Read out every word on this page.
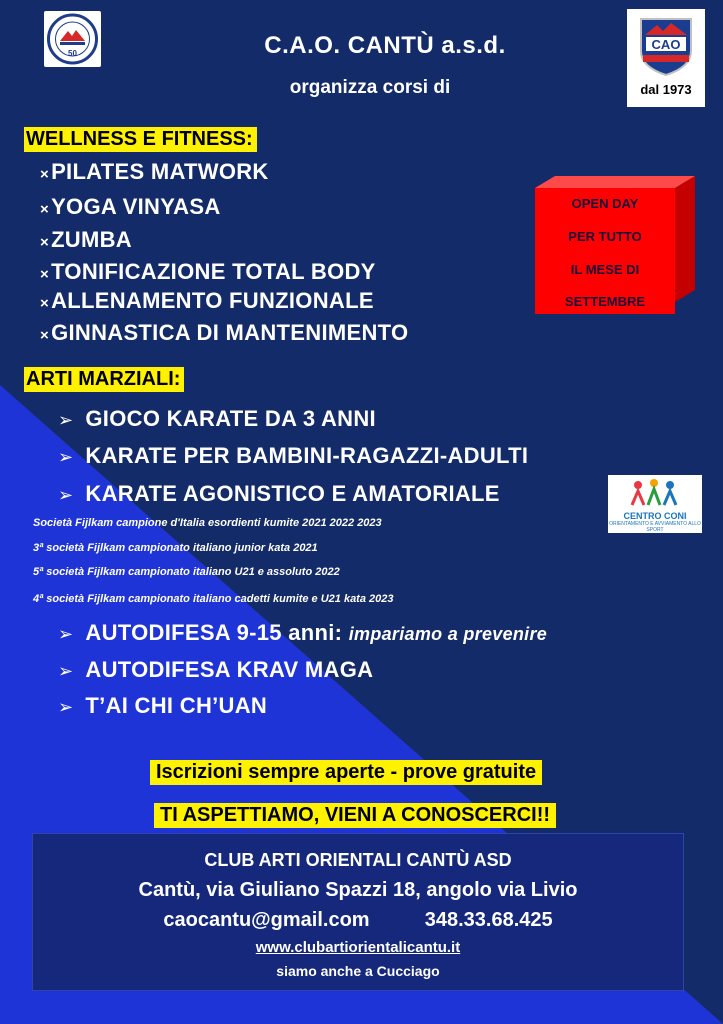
50
CAO
dal 1973
C.A.O. CANTÙ a.s.d.
organizza corsi di
WELLNESS E FITNESS:
×PILATES MATWORK
×YOGA VINYASA
×ZUMBA
×TONIFICAZIONE TOTAL BODY
×ALLENAMENTO FUNZIONALE
×GINNASTICA DI MANTENIMENTO
OPEN DAY
PER TUTTO
IL MESE DI
SETTEMBRE
ARTI MARZIALI:
➢ GIOCO KARATE DA 3 ANNI
➢ KARATE PER BAMBINI-RAGAZZI-ADULTI
➢ KARATE AGONISTICO E AMATORIALE
CENTRO CONI
ORIENTAMENTO E AVVIAMENTO ALLO SPORT
Società Fijlkam campione d'Italia esordienti kumite 2021 2022 2023
3ª società Fijlkam campionato italiano junior kata 2021
5ª società Fijlkam campionato italiano U21 e assoluto 2022
4ª società Fijlkam campionato italiano cadetti kumite e U21 kata 2023
➢ AUTODIFESA 9-15 anni: impariamo a prevenire
➢ AUTODIFESA KRAV MAGA
➢ T’AI CHI CH’UAN
Iscrizioni sempre aperte - prove gratuite
TI ASPETTIAMO, VIENI A CONOSCERCI!!
CLUB ARTI ORIENTALI CANTÙ ASD
Cantù, via Giuliano Spazzi 18, angolo via Livio
caocantu@gmail.com	348.33.68.425
www.clubartiorientalicantu.it
siamo anche a Cucciago
